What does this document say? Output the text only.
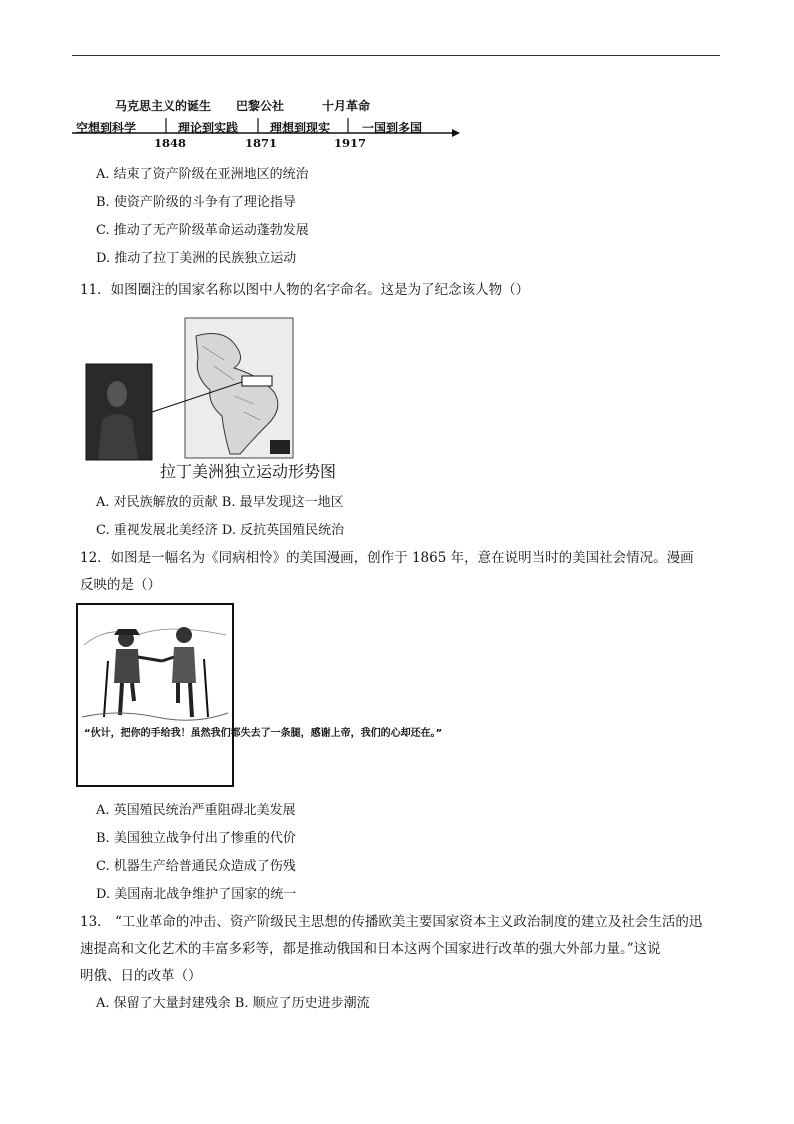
马克思主义的诞生 巴黎公社	十月革命
空想到科学	理论到实践	理想到现实	一国到多国
1848	1871	1917
A. 结束了资产阶级在亚洲地区的统治
B. 使资产阶级的斗争有了理论指导
C. 推动了无产阶级革命运动蓬勃发展
D. 推动了拉丁美洲的民族独立运动
11．如图圈注的国家名称以图中人物的名字命名。这是为了纪念该人物（）
拉丁美洲独立运动形势图
A. 对民族解放的贡献 B. 最早发现这一地区
C. 重视发展北美经济 D. 反抗英国殖民统治
12．如图是一幅名为《同病相怜》的美国漫画，创作于 1865 年，意在说明当时的美国社会情况。漫画
反映的是（）
“伙计，把你的手给我！虽然我们都失去了一条腿，感谢上帝，我们的心却还在。”
A. 英国殖民统治严重阻碍北美发展
B. 美国独立战争付出了惨重的代价
C. 机器生产给普通民众造成了伤残
D. 美国南北战争维护了国家的统一
13． “工业革命的冲击、资产阶级民主思想的传播欧美主要国家资本主义政治制度的建立及社会生活的迅
速提高和文化艺术的丰富多彩等，都是推动俄国和日本这两个国家进行改革的强大外部力量。”这说
明俄、日的改革（）
A. 保留了大量封建残余 B. 顺应了历史进步潮流
